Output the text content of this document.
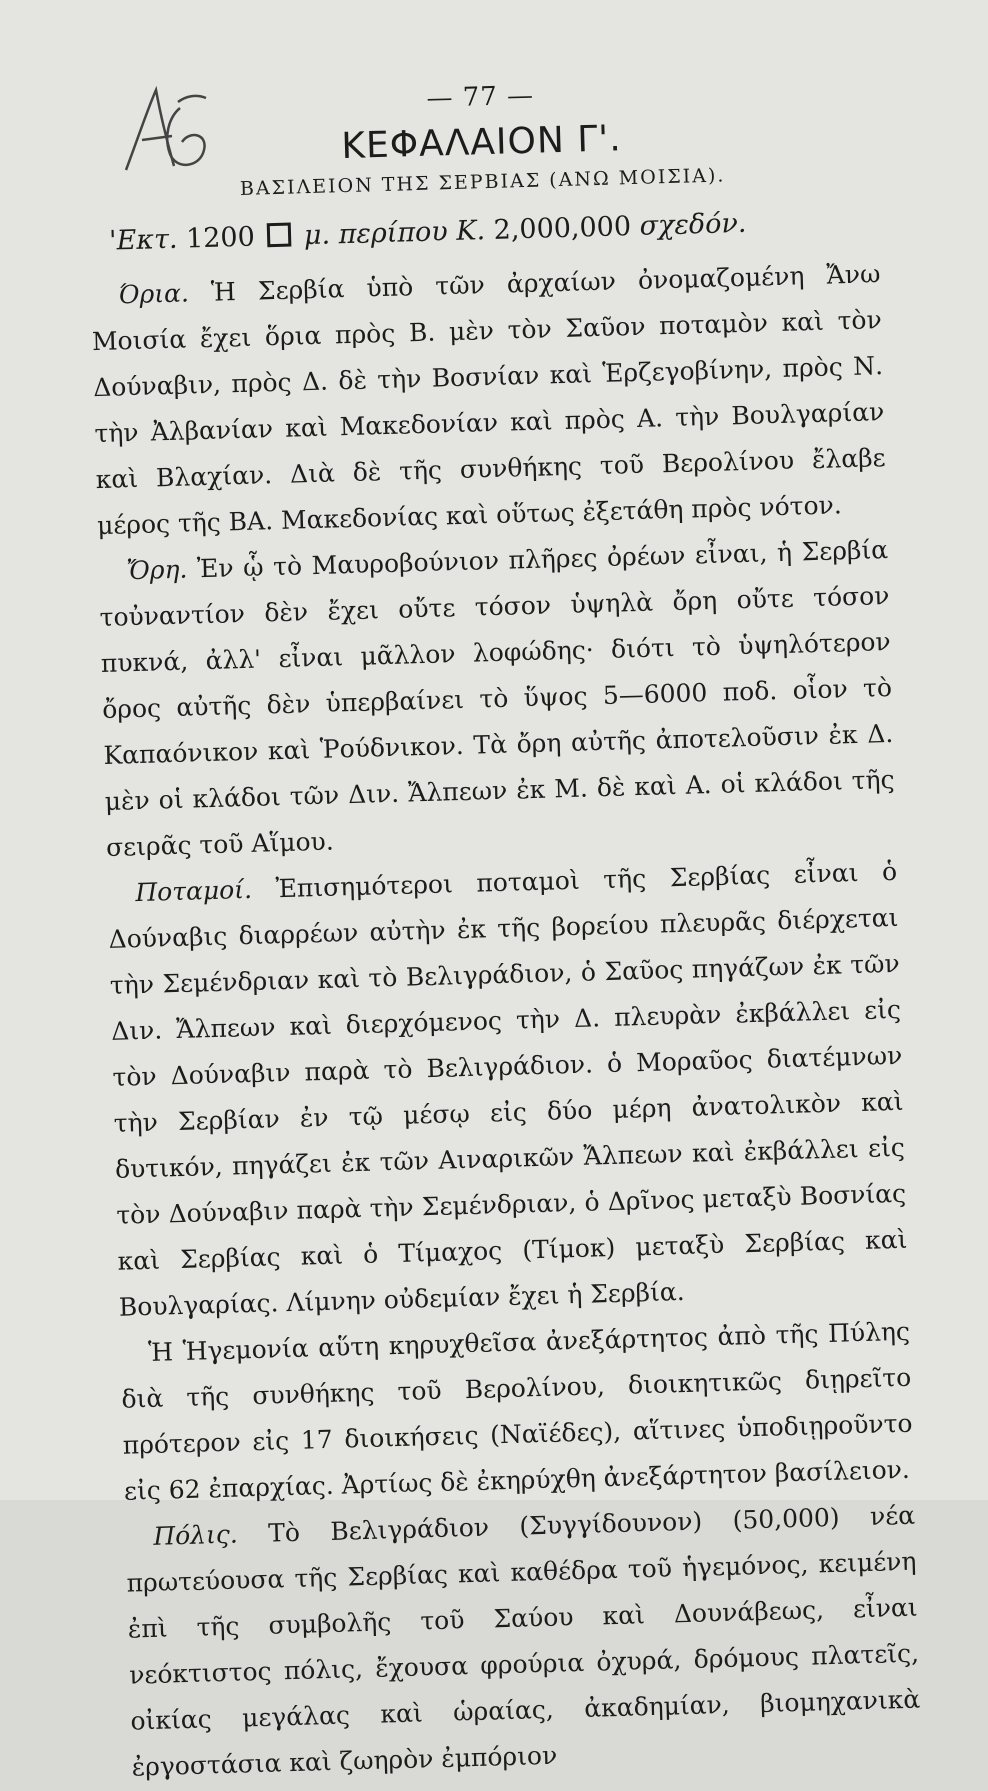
— 77 —
ΚΕΦΑΛΑΙΟΝ Γ'.
ΒΑΣΙΛΕΙΟΝ ΤΗΣ ΣΕΡΒΙΑΣ (ΑΝΩ ΜΟΙΣΙΑ).
'Εκτ. 1200 μ. περίπου Κ. 2,000,000 σχεδόν.

Όρια. Ἡ Σερβία ὑπὸ τῶν ἀρχαίων ὀνομαζομένη Ἄνω Μοισία ἔχει ὅρια πρὸς Β. μὲν τὸν Σαῦον ποταμὸν καὶ τὸν Δούναβιν, πρὸς Δ. δὲ τὴν Βοσνίαν καὶ Ἑρζεγοβίνην, πρὸς Ν. τὴν Ἀλβανίαν καὶ Μακεδονίαν καὶ πρὸς Α. τὴν Βουλγαρίαν καὶ Βλαχίαν. Διὰ δὲ τῆς συνθήκης τοῦ Βερολίνου ἔλαβε μέρος τῆς ΒΑ. Μακεδονίας καὶ οὕτως ἐξετάθη πρὸς νότον.

Ὄρη. Ἐν ᾧ τὸ Μαυροβούνιον πλῆρες ὀρέων εἶναι, ἡ Σερβία τοὐναντίον δὲν ἔχει οὔτε τόσον ὑψηλὰ ὄρη οὔτε τόσον πυκνά, ἀλλ' εἶναι μᾶλλον λοφώδης· διότι τὸ ὑψηλότερον ὄρος αὐτῆς δὲν ὑπερβαίνει τὸ ὕψος 5—6000 ποδ. οἷον τὸ Καπαόνικον καὶ Ῥούδνικον. Τὰ ὄρη αὐτῆς ἀποτελοῦσιν ἐκ Δ. μὲν οἱ κλάδοι τῶν Διν. Ἄλπεων ἐκ Μ. δὲ καὶ Α. οἱ κλάδοι τῆς σειρᾶς τοῦ Αἵμου.

Ποταμοί. Ἐπισημότεροι ποταμοὶ τῆς Σερβίας εἶναι ὁ Δούναβις διαρρέων αὐτὴν ἐκ τῆς βορείου πλευρᾶς διέρχεται τὴν Σεμένδριαν καὶ τὸ Βελιγράδιον, ὁ Σαῦος πηγάζων ἐκ τῶν Διν. Ἄλπεων καὶ διερχόμενος τὴν Δ. πλευρὰν ἐκβάλλει εἰς τὸν Δούναβιν παρὰ τὸ Βελιγράδιον. ὁ Μοραῦος διατέμνων τὴν Σερβίαν ἐν τῷ μέσῳ εἰς δύο μέρη ἀνατολικὸν καὶ δυτικόν, πηγάζει ἐκ τῶν Αιναρικῶν Ἄλπεων καὶ ἐκβάλλει εἰς τὸν Δούναβιν παρὰ τὴν Σεμένδριαν, ὁ Δρῖνος μεταξὺ Βοσνίας καὶ Σερβίας καὶ ὁ Τίμαχος (Τίμοκ) μεταξὺ Σερβίας καὶ Βουλγαρίας. Λίμνην οὐδεμίαν ἔχει ἡ Σερβία.

Ἡ Ἡγεμονία αὕτη κηρυχθεῖσα ἀνεξάρτητος ἀπὸ τῆς Πύλης διὰ τῆς συνθήκης τοῦ Βερολίνου, διοικητικῶς διῃρεῖτο πρότερον εἰς 17 διοικήσεις (Ναϊέδες), αἵτινες ὑποδιῃροῦντο εἰς 62 ἐπαρχίας. Ἀρτίως δὲ ἐκηρύχθη ἀνεξάρτητον βασίλειον.

Πόλις. Τὸ Βελιγράδιον (Συγγίδουνον) (50,000) νέα πρωτεύουσα τῆς Σερβίας καὶ καθέδρα τοῦ ἡγεμόνος, κειμένη ἐπὶ τῆς συμβολῆς τοῦ Σαύου καὶ Δουνάβεως, εἶναι νεόκτιστος πόλις, ἔχουσα φρούρια ὀχυρά, δρόμους πλατεῖς, οἰκίας μεγάλας καὶ ὡραίας, ἀκαδημίαν, βιομηχανικὰ ἐργοστάσια καὶ ζωηρὸν ἐμπόριον
